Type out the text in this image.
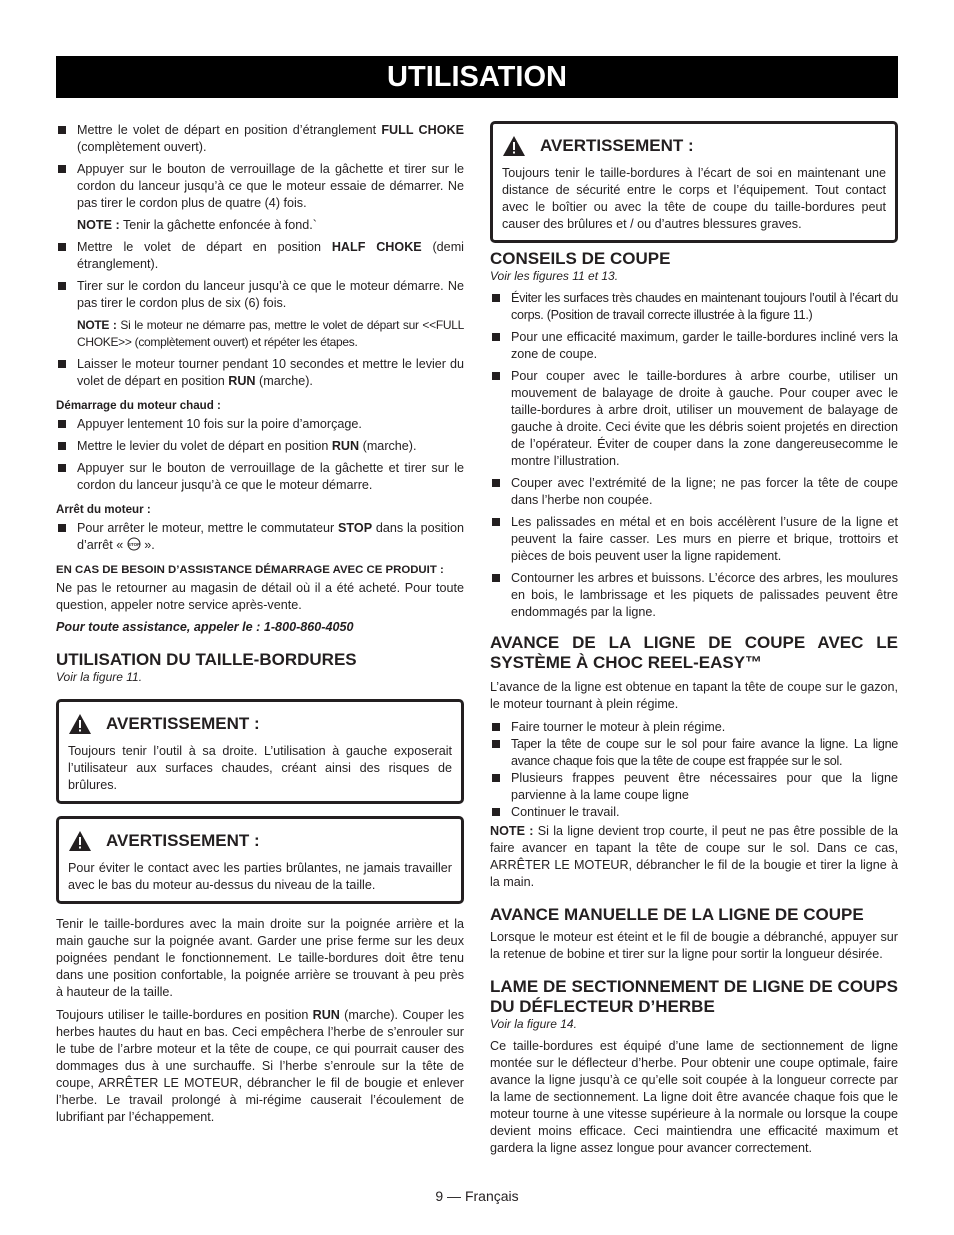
UTILISATION
Mettre le volet de départ en position d’étranglement FULL CHOKE (complètement ouvert).
Appuyer sur le bouton de verrouillage de la gâchette et tirer sur le cordon du lanceur jusqu’à ce que le moteur essaie de démarrer. Ne pas tirer le cordon plus de quatre (4) fois.
NOTE : Tenir la gâchette enfoncée à fond.`
Mettre le volet de départ en position HALF CHOKE (demi étranglement).
Tirer sur le cordon du lanceur jusqu’à ce que le moteur démarre. Ne pas tirer le cordon plus de six (6) fois.
NOTE : Si le moteur ne démarre pas, mettre le volet de départ sur <<FULL CHOKE>> (complètement ouvert) et répéter les étapes.
Laisser le moteur tourner pendant 10 secondes et mettre le levier du volet de départ en position RUN (marche).
Démarrage du moteur chaud :
Appuyer lentement 10 fois sur la poire d’amorçage.
Mettre le levier du volet de départ en position RUN (marche).
Appuyer sur le bouton de verrouillage de la gâchette et tirer sur le cordon du lanceur jusqu’à ce que le moteur démarre.
Arrêt du moteur :
Pour arrêter le moteur, mettre le commutateur STOP dans la position d’arrêt « STOP ».
EN CAS DE BESOIN D’ASSISTANCE DÉMARRAGE AVEC CE PRODUIT :
Ne pas le retourner au magasin de détail où il a été acheté. Pour toute question, appeler notre service après-vente.
Pour toute assistance, appeler le : 1-800-860-4050
UTILISATION DU TAILLE-BORDURES
Voir la figure 11.
AVERTISSEMENT :
Toujours tenir l’outil à sa droite. L’utilisation à gauche exposerait l’utilisateur aux surfaces chaudes, créant ainsi des risques de brûlures.
AVERTISSEMENT :
Pour éviter le contact avec les parties brûlantes, ne jamais travailler avec le bas du moteur au-dessus du niveau de la taille.
Tenir le taille-bordures avec la main droite sur la poignée arrière et la main gauche sur la poignée avant. Garder une prise ferme sur les deux poignées pendant le fonctionnement. Le taille-bordures doit être tenu dans une position confortable, la poignée arrière se trouvant à peu près à hauteur de la taille.
Toujours utiliser le taille-bordures en position RUN (marche). Couper les herbes hautes du haut en bas. Ceci empêchera l’herbe de s’enrouler sur le tube de l’arbre moteur et la tête de coupe, ce qui pourrait causer des dommages dus à une surchauffe. Si l’herbe s’enroule sur la tête de coupe, ARRÊTER LE MOTEUR, débrancher le fil de bougie et enlever l’herbe. Le travail prolongé à mi-régime causerait l’écoulement de lubrifiant par l’échappement.
AVERTISSEMENT :
Toujours tenir le taille-bordures à l’écart de soi en maintenant une distance de sécurité entre le corps et l’équipement. Tout contact avec le boîtier ou avec la tête de coupe du taille-bordures peut causer des brûlures et / ou d’autres blessures graves.
CONSEILS DE COUPE
Voir les figures 11 et 13.
Éviter les surfaces très chaudes en maintenant toujours l’outil à l’écart du corps. (Position de travail correcte illustrée à la figure 11.)
Pour une efficacité maximum, garder le taille-bordures incliné vers la zone de coupe.
Pour couper avec le taille-bordures à arbre courbe, utiliser un mouvement de balayage de droite à gauche. Pour couper avec le taille-bordures à arbre droit, utiliser un mouvement de balayage de gauche à droite. Ceci évite que les débris soient projetés en direction de l’opérateur. Éviter de couper dans la zone dangereusecomme le montre l’illustration.
Couper avec l’extrémité de la ligne; ne pas forcer la tête de coupe dans l’herbe non coupée.
Les palissades en métal et en bois accélèrent l’usure de la ligne et peuvent la faire casser. Les murs en pierre et brique, trottoirs et pièces de bois peuvent user la ligne rapidement.
Contourner les arbres et buissons. L’écorce des arbres, les moulures en bois, le lambrissage et les piquets de palissades peuvent être endommagés par la ligne.
AVANCE DE LA LIGNE DE COUPE AVEC LE SYSTÈME À CHOC REEL-EASY™
L’avance de la ligne est obtenue en tapant la tête de coupe sur le gazon, le moteur tournant à plein régime.
Faire tourner le moteur à plein régime.
Taper la tête de coupe sur le sol pour faire avance la ligne. La ligne avance chaque fois que la tête de coupe est frappée sur le sol.
Plusieurs frappes peuvent être nécessaires pour que la ligne parvienne à la lame coupe ligne
Continuer le travail.
NOTE : Si la ligne devient trop courte, il peut ne pas être possible de la faire avancer en tapant la tête de coupe sur le sol. Dans ce cas, ARRÊTER LE MOTEUR, débrancher le fil de la bougie et tirer la ligne à la main.
AVANCE MANUELLE DE LA LIGNE DE COUPE
Lorsque le moteur est éteint et le fil de bougie a débranché, appuyer sur la retenue de bobine et tirer sur la ligne pour sortir la longueur désirée.
LAME DE SECTIONNEMENT DE LIGNE DE COUPS DU DÉFLECTEUR D’HERBE
Voir la figure 14.
Ce taille-bordures est équipé d’une lame de sectionnement de ligne montée sur le déflecteur d’herbe. Pour obtenir une coupe optimale, faire avance la ligne jusqu’à ce qu’elle soit coupée à la longueur correcte par la lame de sectionnement. La ligne doit être avancée chaque fois que le moteur tourne à une vitesse supérieure à la normale ou lorsque la coupe devient moins efficace. Ceci maintiendra une efficacité maximum et gardera la ligne assez longue pour avancer correctement.
9 — Français
